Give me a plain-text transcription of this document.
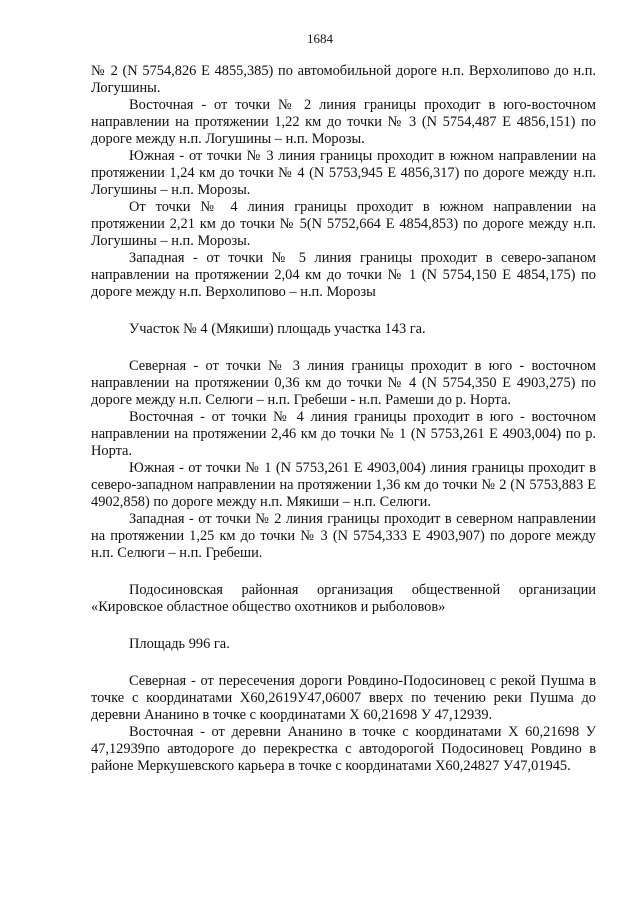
1684

№ 2 (N 5754,826 E 4855,385) по автомобильной дороге н.п. Верхолипово до н.п. Логушины.

Восточная - от точки № 2 линия границы проходит в юго-восточном направлении на протяжении 1,22 км до точки № 3 (N 5754,487 E 4856,151) по дороге между н.п. Логушины – н.п. Морозы.

Южная - от точки № 3 линия границы проходит в южном направлении на протяжении 1,24 км до точки № 4 (N 5753,945 E 4856,317) по дороге между н.п. Логушины – н.п. Морозы.

От точки № 4 линия границы проходит в южном направлении на протяжении 2,21 км до точки № 5(N 5752,664 E 4854,853) по дороге между н.п. Логушины – н.п. Морозы.

Западная - от точки № 5 линия границы проходит в северо-запаном направлении на протяжении 2,04 км до точки № 1 (N 5754,150 E 4854,175) по дороге между н.п. Верхолипово – н.п. Морозы

Участок № 4 (Мякиши) площадь участка 143 га.

Северная - от точки № 3 линия границы проходит в юго - восточном направлении на протяжении 0,36 км до точки № 4 (N 5754,350 E 4903,275) по дороге между н.п. Селюги – н.п. Гребеши - н.п. Рамеши до р. Норта.

Восточная - от точки № 4 линия границы проходит в юго - восточном направлении на протяжении 2,46 км до точки № 1 (N 5753,261 E 4903,004) по р. Норта.

Южная - от точки № 1 (N 5753,261 E 4903,004) линия границы проходит в северо-западном направлении на протяжении 1,36 км до точки № 2 (N 5753,883 E 4902,858) по дороге между н.п. Мякиши – н.п. Селюги.

Западная - от точки № 2 линия границы проходит в северном направлении на протяжении 1,25 км до точки № 3 (N 5754,333 E 4903,907) по дороге между н.п. Селюги – н.п. Гребеши.

Подосиновская районная организация общественной организации «Кировское областное общество охотников и рыболовов»

Площадь 996 га.

Северная - от пересечения дороги Ровдино-Подосиновец с рекой Пушма в точке с координатами Х60,2619У47,06007 вверх по течению реки Пушма до деревни Ананино в точке с координатами Х 60,21698 У 47,12939.

Восточная - от деревни Ананино в точке с координатами Х 60,21698 У 47,12939по автодороге до перекрестка с автодорогой Подосиновец Ровдино в районе Меркушевского карьера в точке с координатами Х60,24827 У47,01945.
